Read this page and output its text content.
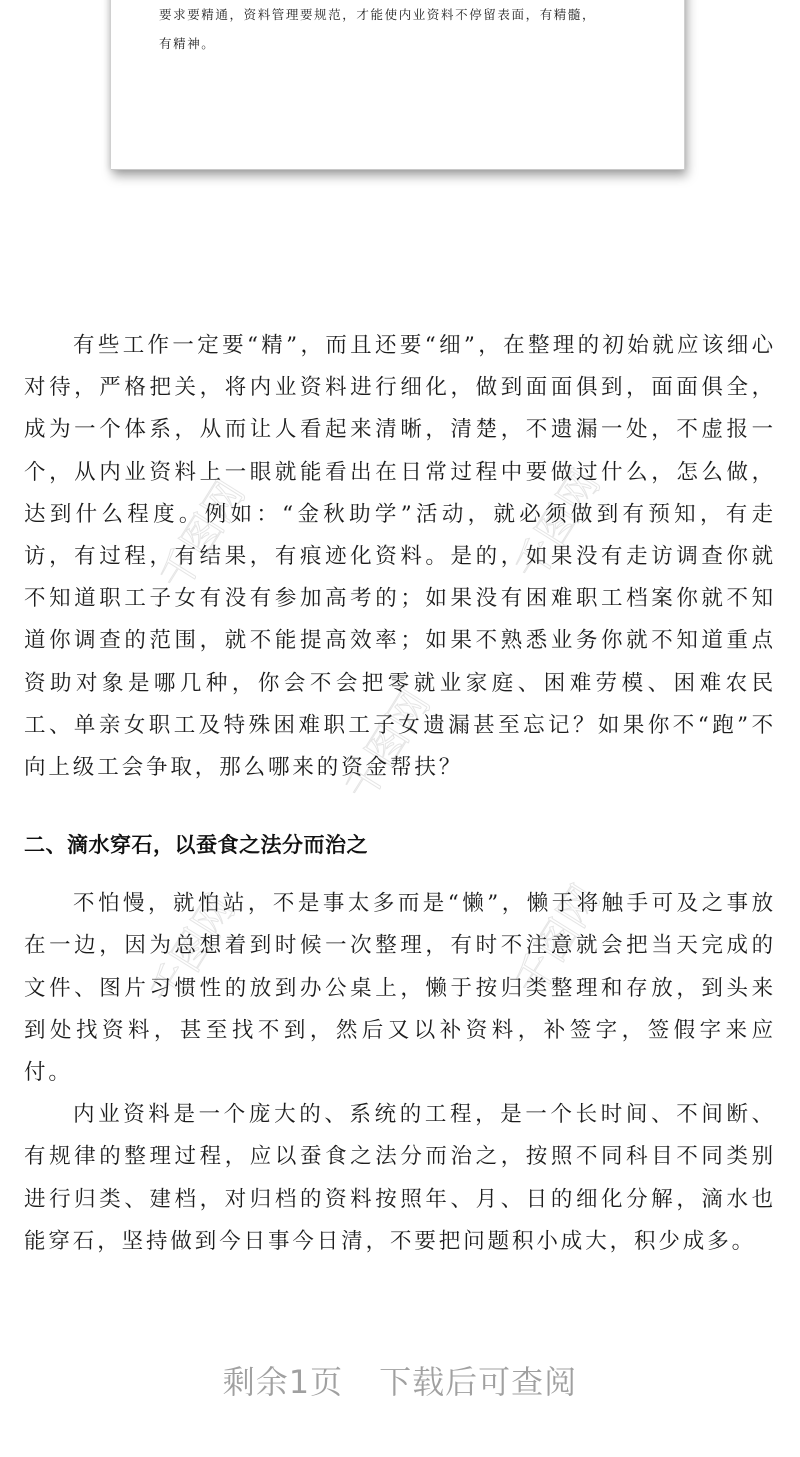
要求要精通，资料管理要规范，才能使内业资料不停留表面，有精髓，

有精神。

千图网	千图网
千图网
千图网	千图网

有些工作一定要“精”，而且还要“细”，在整理的初始就应该细心对待，严格把关，将内业资料进行细化，做到面面俱到，面面俱全，成为一个体系，从而让人看起来清晰，清楚，不遗漏一处，不虚报一个，从内业资料上一眼就能看出在日常过程中要做过什么，怎么做，达到什么程度。例如：“金秋助学”活动，就必须做到有预知，有走访，有过程，有结果，有痕迹化资料。是的，如果没有走访调查你就不知道职工子女有没有参加高考的；如果没有困难职工档案你就不知道你调查的范围，就不能提高效率；如果不熟悉业务你就不知道重点资助对象是哪几种，你会不会把零就业家庭、困难劳模、困难农民工、单亲女职工及特殊困难职工子女遗漏甚至忘记？如果你不“跑”不向上级工会争取，那么哪来的资金帮扶？

二、滴水穿石，以蚕食之法分而治之

不怕慢，就怕站，不是事太多而是“懒”，懒于将触手可及之事放在一边，因为总想着到时候一次整理，有时不注意就会把当天完成的文件、图片习惯性的放到办公桌上，懒于按归类整理和存放，到头来到处找资料，甚至找不到，然后又以补资料，补签字，签假字来应付。

内业资料是一个庞大的、系统的工程，是一个长时间、不间断、有规律的整理过程，应以蚕食之法分而治之，按照不同科目不同类别进行归类、建档，对归档的资料按照年、月、日的细化分解，滴水也能穿石，坚持做到今日事今日清，不要把问题积小成大，积少成多。

剩余1页 下载后可查阅
